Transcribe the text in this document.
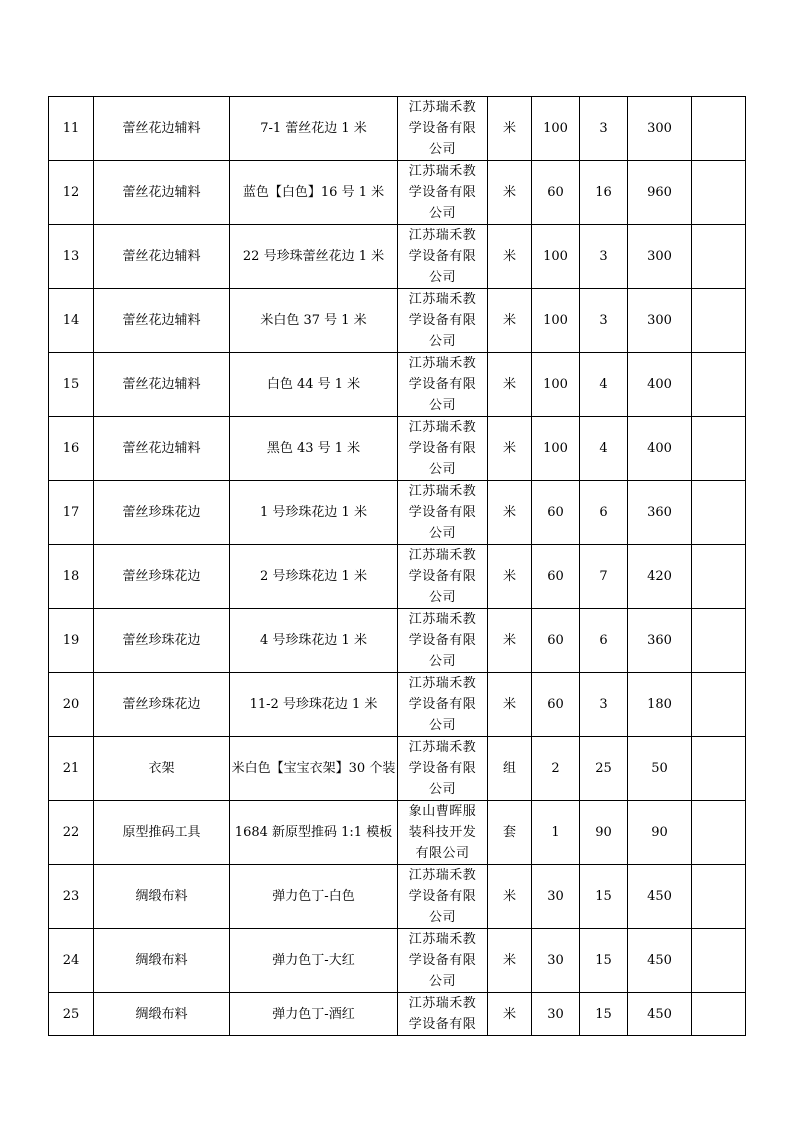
11	蕾丝花边辅料	7-1 蕾丝花边 1 米	江苏瑞禾教
学设备有限
公司	米	100	3	300	
12	蕾丝花边辅料	蓝色【白色】16 号 1 米	江苏瑞禾教
学设备有限
公司	米	60	16	960	
13	蕾丝花边辅料	22 号珍珠蕾丝花边 1 米	江苏瑞禾教
学设备有限
公司	米	100	3	300	
14	蕾丝花边辅料	米白色 37 号 1 米	江苏瑞禾教
学设备有限
公司	米	100	3	300	
15	蕾丝花边辅料	白色 44 号 1 米	江苏瑞禾教
学设备有限
公司	米	100	4	400	
16	蕾丝花边辅料	黑色 43 号 1 米	江苏瑞禾教
学设备有限
公司	米	100	4	400	
17	蕾丝珍珠花边	1 号珍珠花边 1 米	江苏瑞禾教
学设备有限
公司	米	60	6	360	
18	蕾丝珍珠花边	2 号珍珠花边 1 米	江苏瑞禾教
学设备有限
公司	米	60	7	420	
19	蕾丝珍珠花边	4 号珍珠花边 1 米	江苏瑞禾教
学设备有限
公司	米	60	6	360	
20	蕾丝珍珠花边	11-2 号珍珠花边 1 米	江苏瑞禾教
学设备有限
公司	米	60	3	180	
21	衣架	米白色【宝宝衣架】30 个装	江苏瑞禾教
学设备有限
公司	组	2	25	50	
22	原型推码工具	1684 新原型推码 1:1 模板	象山曹晖服
装科技开发
有限公司	套	1	90	90	
23	绸缎布料	弹力色丁-白色	江苏瑞禾教
学设备有限
公司	米	30	15	450	
24	绸缎布料	弹力色丁-大红	江苏瑞禾教
学设备有限
公司	米	30	15	450	
25	绸缎布料	弹力色丁-酒红	江苏瑞禾教
学设备有限	米	30	15	450	
